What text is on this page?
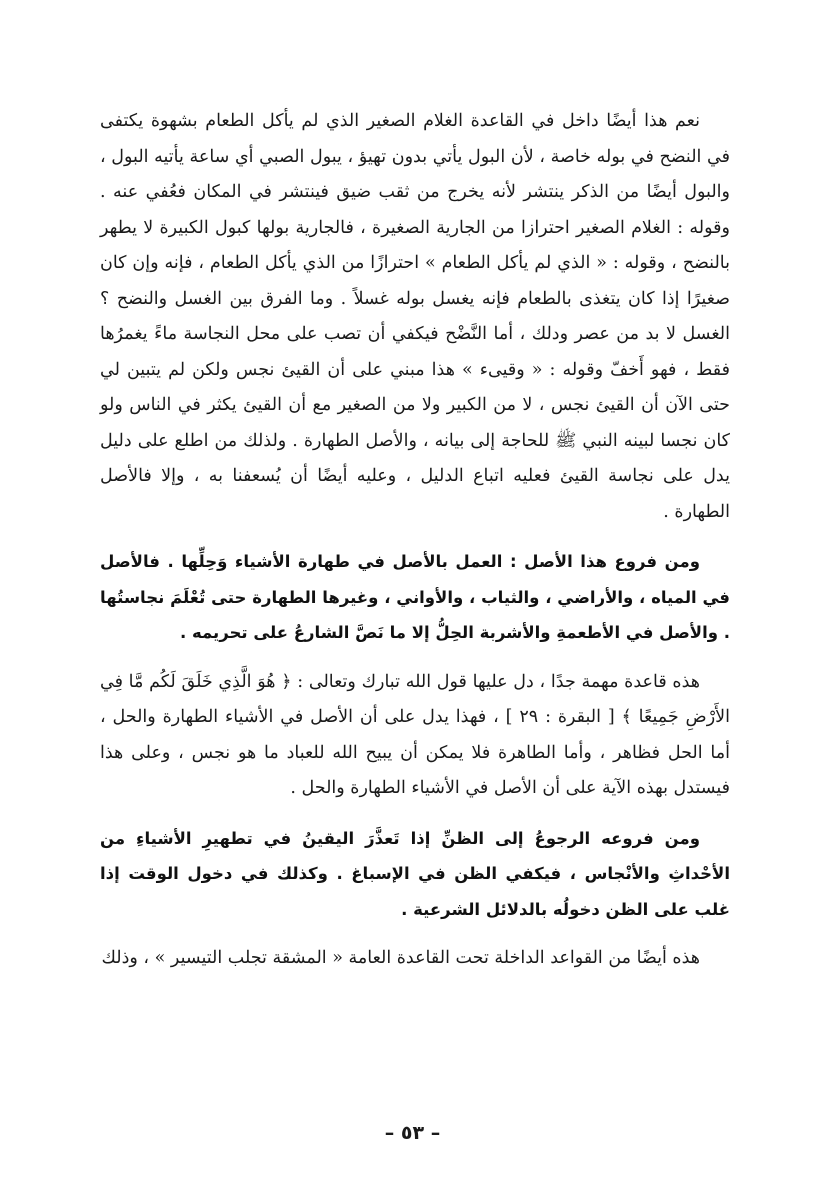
نعم هذا أيضًا داخل في القاعدة الغلام الصغير الذي لم يأكل الطعام بشهوة يكتفى في النضح في بوله خاصة ، لأن البول يأتي بدون تهيؤ ، يبول الصبي أي ساعة يأتيه البول ، والبول أيضًا من الذكر ينتشر لأنه يخرج من ثقب ضيق فينتشر في المكان فعُفي عنه . وقوله : الغلام الصغير احترازا من الجارية الصغيرة ، فالجارية بولها كبول الكبيرة لا يطهر بالنضح ، وقوله : « الذي لم يأكل الطعام » احترازًا من الذي يأكل الطعام ، فإنه وإن كان صغيرًا إذا كان يتغذى بالطعام فإنه يغسل بوله غسلاً . وما الفرق بين الغسل والنضح ؟ الغسل لا بد من عصر ودلك ، أما النَّضْح فيكفي أن تصب على محل النجاسة ماءً يغمرُها فقط ، فهو أَخفّ وقوله : « وقيىء » هذا مبني على أن القيئ نجس ولكن لم يتبين لي حتى الآن أن القيئ نجس ، لا من الكبير ولا من الصغير مع أن القيئ يكثر في الناس ولو كان نجسا لبينه النبي ﷺ للحاجة إلى بيانه ، والأصل الطهارة . ولذلك من اطلع على دليل يدل على نجاسة القيئ فعليه اتباع الدليل ، وعليه أيضًا أن يُسعفنا به ، وإلا فالأصل الطهارة .

ومن فروع هذا الأصل : العمل بالأصل في طهارة الأشياء وَحِلِّها . فالأصل في المياه ، والأراضي ، والثياب ، والأواني ، وغيرها الطهارة حتى تُعْلَمَ نجاستُها . والأصل في الأطعمةِ والأشربة الحِلُّ إلا ما نَصَّ الشارعُ على تحريمه .

هذه قاعدة مهمة جدًا ، دل عليها قول الله تبارك وتعالى : ﴿ هُوَ الَّذِي خَلَقَ لَكُم مَّا فِي الأَرْضِ جَمِيعًا ﴾ [ البقرة : ٢٩ ] ، فهذا يدل على أن الأصل في الأشياء الطهارة والحل ، أما الحل فظاهر ، وأما الطاهرة فلا يمكن أن يبيح الله للعباد ما هو نجس ، وعلى هذا فيستدل بهذه الآية على أن الأصل في الأشياء الطهارة والحل .

ومن فروعه الرجوعُ إلى الظنِّ إذا تَعذَّرَ اليقينُ في تطهيرِ الأشياءِ من الأحْداثِ والأنْجاس ، فيكفي الظن في الإسباغ . وكذلك في دخول الوقت إذا غلب على الظن دخولُه بالدلائل الشرعية .

هذه أيضًا من القواعد الداخلة تحت القاعدة العامة « المشقة تجلب التيسير » ، وذلك

– ٥٣ –
